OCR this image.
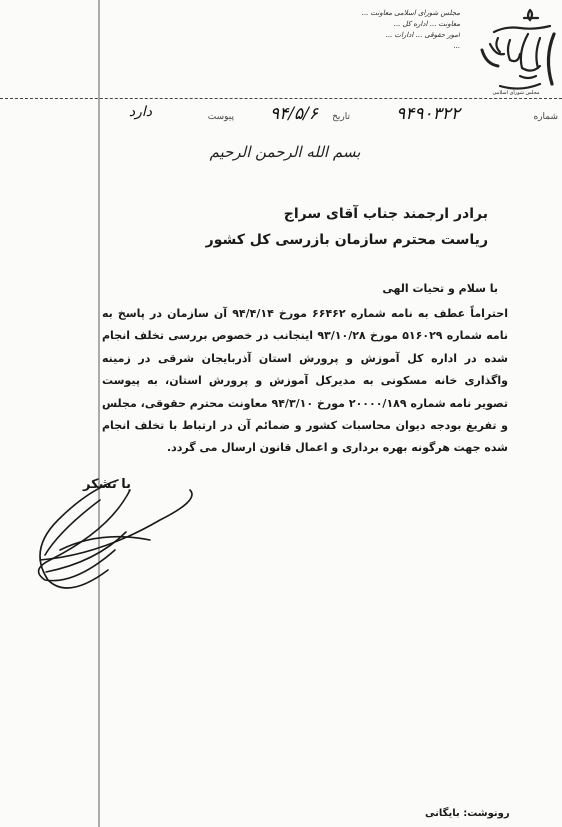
مجلس شورای اسلامی
مجلس شورای اسلامی معاونت ...
معاونت ... اداره کل ...
امور حقوقی ... ادارات ...
...
شماره
۹۴۹۰۳۲۲
تاریخ
۹۴/۵/۶
پیوست
دارد
بسم الله الرحمن الرحیم
برادر ارجمند جناب آقای سراج
ریاست محترم سازمان بازرسی کل کشور
با سلام و تحیات الهی
احتراماً عطف به نامه شماره ۶۶۴۶۲ مورخ ۹۴/۴/۱۴ آن سازمان در پاسخ به نامه شماره ۵۱۶۰۲۹ مورخ ۹۳/۱۰/۲۸ اینجانب در خصوص بررسی تخلف انجام شده در اداره کل آموزش و پرورش استان آذربایجان شرقی در زمینه واگذاری خانه مسکونی به مدیرکل آموزش و پرورش استان، به پیوست تصویر نامه شماره ۲۰۰۰۰/۱۸۹ مورخ ۹۴/۳/۱۰ معاونت محترم حقوقی، مجلس و تفریغ بودجه دیوان محاسبات کشور و ضمائم آن در ارتباط با تخلف انجام شده جهت هرگونه بهره برداری و اعمال قانون ارسال می گردد.
با تشکر
رونوشت: بایگانی
